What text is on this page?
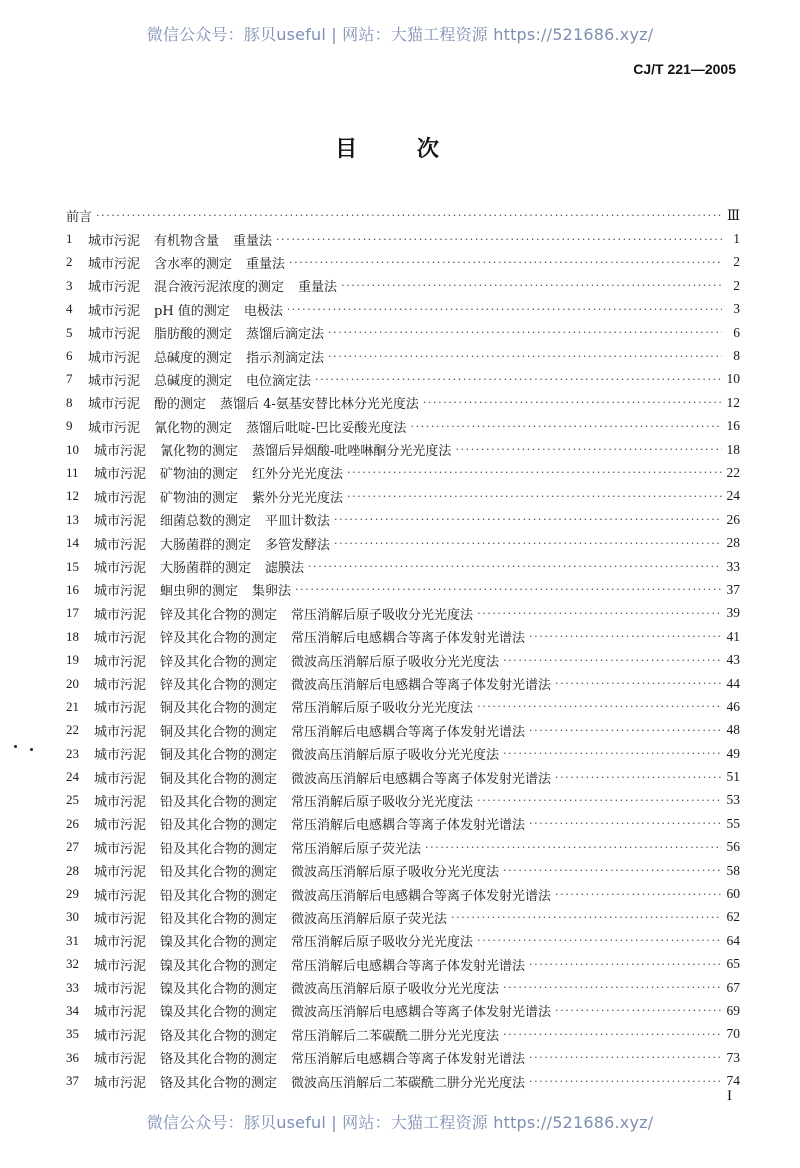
微信公众号：豚贝useful | 网站：大猫工程资源 https://521686.xyz/
CJ/T 221—2005
目 次
前言 ·····	Ⅲ
1	城市污泥 有机物含量 重量法 ·····	1
2	城市污泥 含水率的测定 重量法 ·····	2
3	城市污泥 混合液污泥浓度的测定 重量法 ·····	2
4	城市污泥 pH 值的测定 电极法 ·····	3
5	城市污泥 脂肪酸的测定 蒸馏后滴定法 ·····	6
6	城市污泥 总碱度的测定 指示剂滴定法 ·····	8
7	城市污泥 总碱度的测定 电位滴定法 ·····	10
8	城市污泥 酚的测定 蒸馏后 4-氨基安替比林分光光度法 ·····	12
9	城市污泥 氰化物的测定 蒸馏后吡啶-巴比妥酸光度法 ·····	16
10	城市污泥 氰化物的测定 蒸馏后异烟酸-吡唑啉酮分光光度法 ·····	18
11	城市污泥 矿物油的测定 红外分光光度法 ·····	22
12	城市污泥 矿物油的测定 紫外分光光度法 ·····	24
13	城市污泥 细菌总数的测定 平皿计数法 ·····	26
14	城市污泥 大肠菌群的测定 多管发酵法 ·····	28
15	城市污泥 大肠菌群的测定 滤膜法 ·····	33
16	城市污泥 蛔虫卵的测定 集卵法 ·····	37
17	城市污泥 锌及其化合物的测定 常压消解后原子吸收分光光度法 ·····	39
18	城市污泥 锌及其化合物的测定 常压消解后电感耦合等离子体发射光谱法 ·····	41
19	城市污泥 锌及其化合物的测定 微波高压消解后原子吸收分光光度法 ·····	43
20	城市污泥 锌及其化合物的测定 微波高压消解后电感耦合等离子体发射光谱法 ·····	44
21	城市污泥 铜及其化合物的测定 常压消解后原子吸收分光光度法 ·····	46
22	城市污泥 铜及其化合物的测定 常压消解后电感耦合等离子体发射光谱法 ·····	48
23	城市污泥 铜及其化合物的测定 微波高压消解后原子吸收分光光度法 ·····	49
24	城市污泥 铜及其化合物的测定 微波高压消解后电感耦合等离子体发射光谱法 ·····	51
25	城市污泥 铅及其化合物的测定 常压消解后原子吸收分光光度法 ·····	53
26	城市污泥 铅及其化合物的测定 常压消解后电感耦合等离子体发射光谱法 ·····	55
27	城市污泥 铅及其化合物的测定 常压消解后原子荧光法 ·····	56
28	城市污泥 铅及其化合物的测定 微波高压消解后原子吸收分光光度法 ·····	58
29	城市污泥 铅及其化合物的测定 微波高压消解后电感耦合等离子体发射光谱法 ·····	60
30	城市污泥 铅及其化合物的测定 微波高压消解后原子荧光法 ·····	62
31	城市污泥 镍及其化合物的测定 常压消解后原子吸收分光光度法 ·····	64
32	城市污泥 镍及其化合物的测定 常压消解后电感耦合等离子体发射光谱法 ·····	65
33	城市污泥 镍及其化合物的测定 微波高压消解后原子吸收分光光度法 ·····	67
34	城市污泥 镍及其化合物的测定 微波高压消解后电感耦合等离子体发射光谱法 ·····	69
35	城市污泥 铬及其化合物的测定 常压消解后二苯碳酰二肼分光光度法 ·····	70
36	城市污泥 铬及其化合物的测定 常压消解后电感耦合等离子体发射光谱法 ·····	73
37	城市污泥 铬及其化合物的测定 微波高压消解后二苯碳酰二肼分光光度法 ·····	74
I
微信公众号：豚贝useful | 网站：大猫工程资源 https://521686.xyz/
